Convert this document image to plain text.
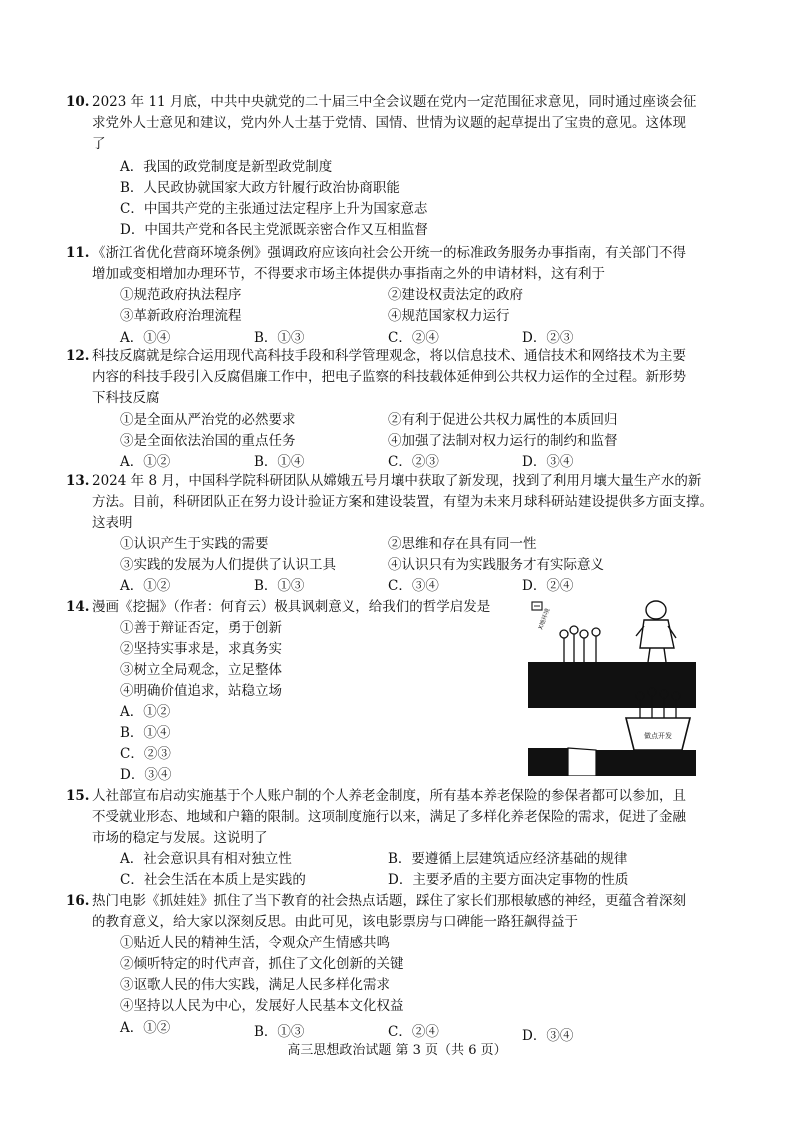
10. 2023 年 11 月底，中共中央就党的二十届三中全会议题在党内一定范围征求意见，同时通过座谈会征
求党外人士意见和建议，党内外人士基于党情、国情、世情为议题的起草提出了宝贵的意见。这体现
了
A．我国的政党制度是新型政党制度
B．人民政协就国家大政方针履行政治协商职能
C．中国共产党的主张通过法定程序上升为国家意志
D．中国共产党和各民主党派既亲密合作又互相监督
11. 《浙江省优化营商环境条例》强调政府应该向社会公开统一的标准政务服务办事指南，有关部门不得
增加或变相增加办理环节，不得要求市场主体提供办事指南之外的申请材料，这有利于
①规范政府执法程序	②建设权责法定的政府
③革新政府治理流程	④规范国家权力运行
A．①④	B．①③	C．②④	D．②③
12. 科技反腐就是综合运用现代高科技手段和科学管理观念，将以信息技术、通信技术和网络技术为主要
内容的科技手段引入反腐倡廉工作中，把电子监察的科技载体延伸到公共权力运作的全过程。新形势
下科技反腐
①是全面从严治党的必然要求	②有利于促进公共权力属性的本质回归
③是全面依法治国的重点任务	④加强了法制对权力运行的制约和监督
A．①②	B．①④	C．②③	D．③④
13. 2024 年 8 月，中国科学院科研团队从嫦娥五号月壤中获取了新发现，找到了利用月壤大量生产水的新
方法。目前，科研团队正在努力设计验证方案和建设装置，有望为未来月球科研站建设提供多方面支撑。
这表明
①认识产生于实践的需要	②思维和存在具有同一性
③实践的发展为人们提供了认识工具	④认识只有为实践服务才有实际意义
A．①②	B．①③	C．③④	D．②④
14. 漫画《挖掘》（作者：何育云）极具讽刺意义，给我们的哲学启发是
①善于辩证否定，勇于创新
②坚持实事求是，求真务实
③树立全局观念，立足整体
④明确价值追求，站稳立场
A．①②
B．①④
C．②③
D．③④
X地环境
做点开发
15. 人社部宣布启动实施基于个人账户制的个人养老金制度，所有基本养老保险的参保者都可以参加，且
不受就业形态、地域和户籍的限制。这项制度施行以来，满足了多样化养老保险的需求，促进了金融
市场的稳定与发展。这说明了
A．社会意识具有相对独立性	B．要遵循上层建筑适应经济基础的规律
C．社会生活在本质上是实践的	D．主要矛盾的主要方面决定事物的性质
16. 热门电影《抓娃娃》抓住了当下教育的社会热点话题，踩住了家长们那根敏感的神经，更蕴含着深刻
的教育意义，给大家以深刻反思。由此可见，该电影票房与口碑能一路狂飙得益于
①贴近人民的精神生活，令观众产生情感共鸣
②倾听特定的时代声音，抓住了文化创新的关键
③讴歌人民的伟大实践，满足人民多样化需求
④坚持以人民为中心，发展好人民基本文化权益
A．①②	B．①③	C．②④	D．③④
高三思想政治试题 第 3 页（共 6 页）
